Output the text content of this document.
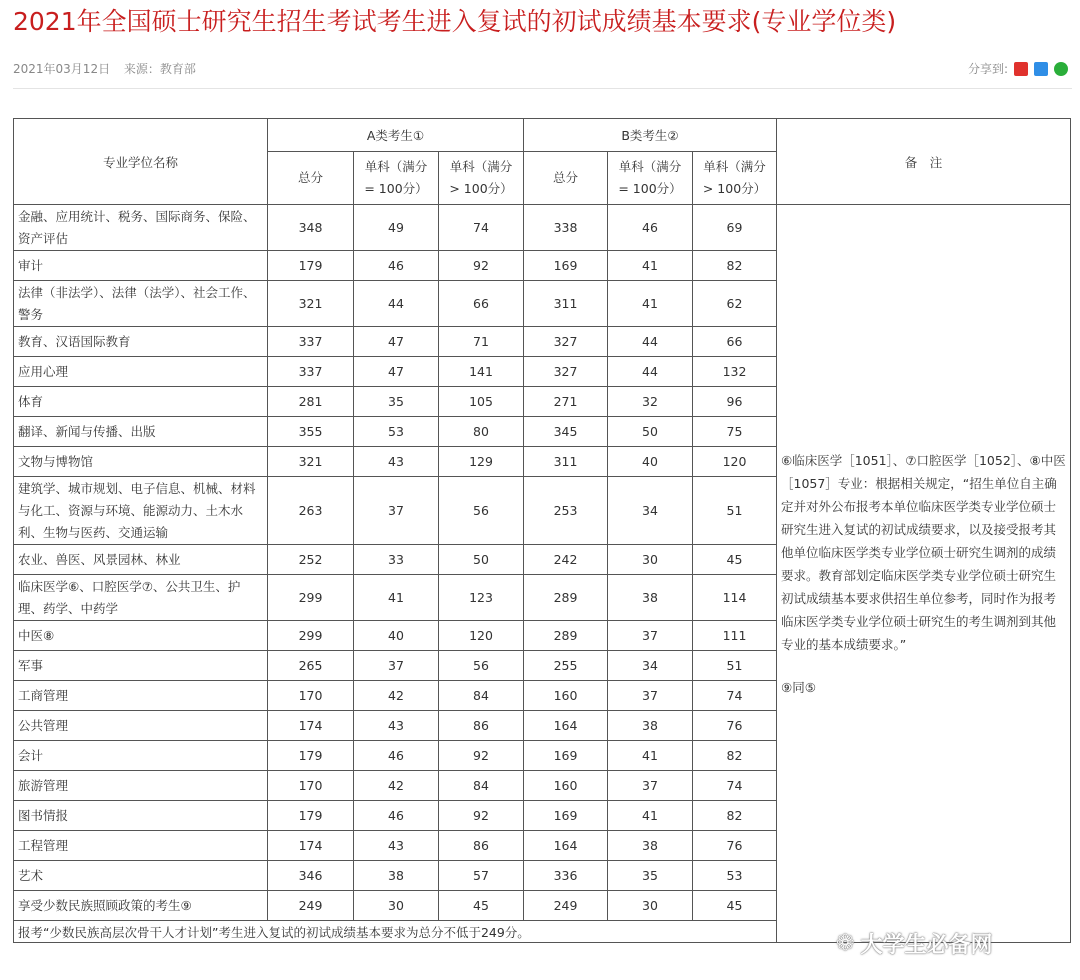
2021年全国硕士研究生招生考试考生进入复试的初试成绩基本要求(专业学位类)
2021年03月12日 来源：教育部	分享到:
专业学位名称	A类考生①			B类考生②			备　注
	总分	单科（满分 = 100分）	单科（满分 > 100分）	总分	单科（满分 = 100分）	单科（满分 > 100分）	
金融、应用统计、税务、国际商务、保险、资产评估	348	49	74	338	46	69	⑥临床医学［1051］、⑦口腔医学［1052］、⑧中医［1057］专业：根据相关规定，“招生单位自主确定并对外公布报考本单位临床医学类专业学位硕士研究生进入复试的初试成绩要求，以及接受报考其他单位临床医学类专业学位硕士研究生调剂的成绩要求。教育部划定临床医学类专业学位硕士研究生初试成绩基本要求供招生单位参考，同时作为报考临床医学类专业学位硕士研究生的考生调剂到其他专业的基本成绩要求。”
⑨同⑤

审计	179	46	92	169	41	82	
法律（非法学）、法律（法学）、社会工作、警务	321	44	66	311	41	62	
教育、汉语国际教育	337	47	71	327	44	66	
应用心理	337	47	141	327	44	132	
体育	281	35	105	271	32	96	
翻译、新闻与传播、出版	355	53	80	345	50	75	
文物与博物馆	321	43	129	311	40	120	
建筑学、城市规划、电子信息、机械、材料与化工、资源与环境、能源动力、土木水利、生物与医药、交通运输	263	37	56	253	34	51	
农业、兽医、风景园林、林业	252	33	50	242	30	45	
临床医学⑥、口腔医学⑦、公共卫生、护理、药学、中药学	299	41	123	289	38	114	
中医⑧	299	40	120	289	37	111	
军事	265	37	56	255	34	51	
工商管理	170	42	84	160	37	74	
公共管理	174	43	86	164	38	76	
会计	179	46	92	169	41	82	
旅游管理	170	42	84	160	37	74	
图书情报	179	46	92	169	41	82	
工程管理	174	43	86	164	38	76	
艺术	346	38	57	336	35	53	
享受少数民族照顾政策的考生⑨	249	30	45	249	30	45	
报考“少数民族高层次骨干人才计划”考生进入复试的初试成绩基本要求为总分不低于249分。								❁ 大学生必备网
